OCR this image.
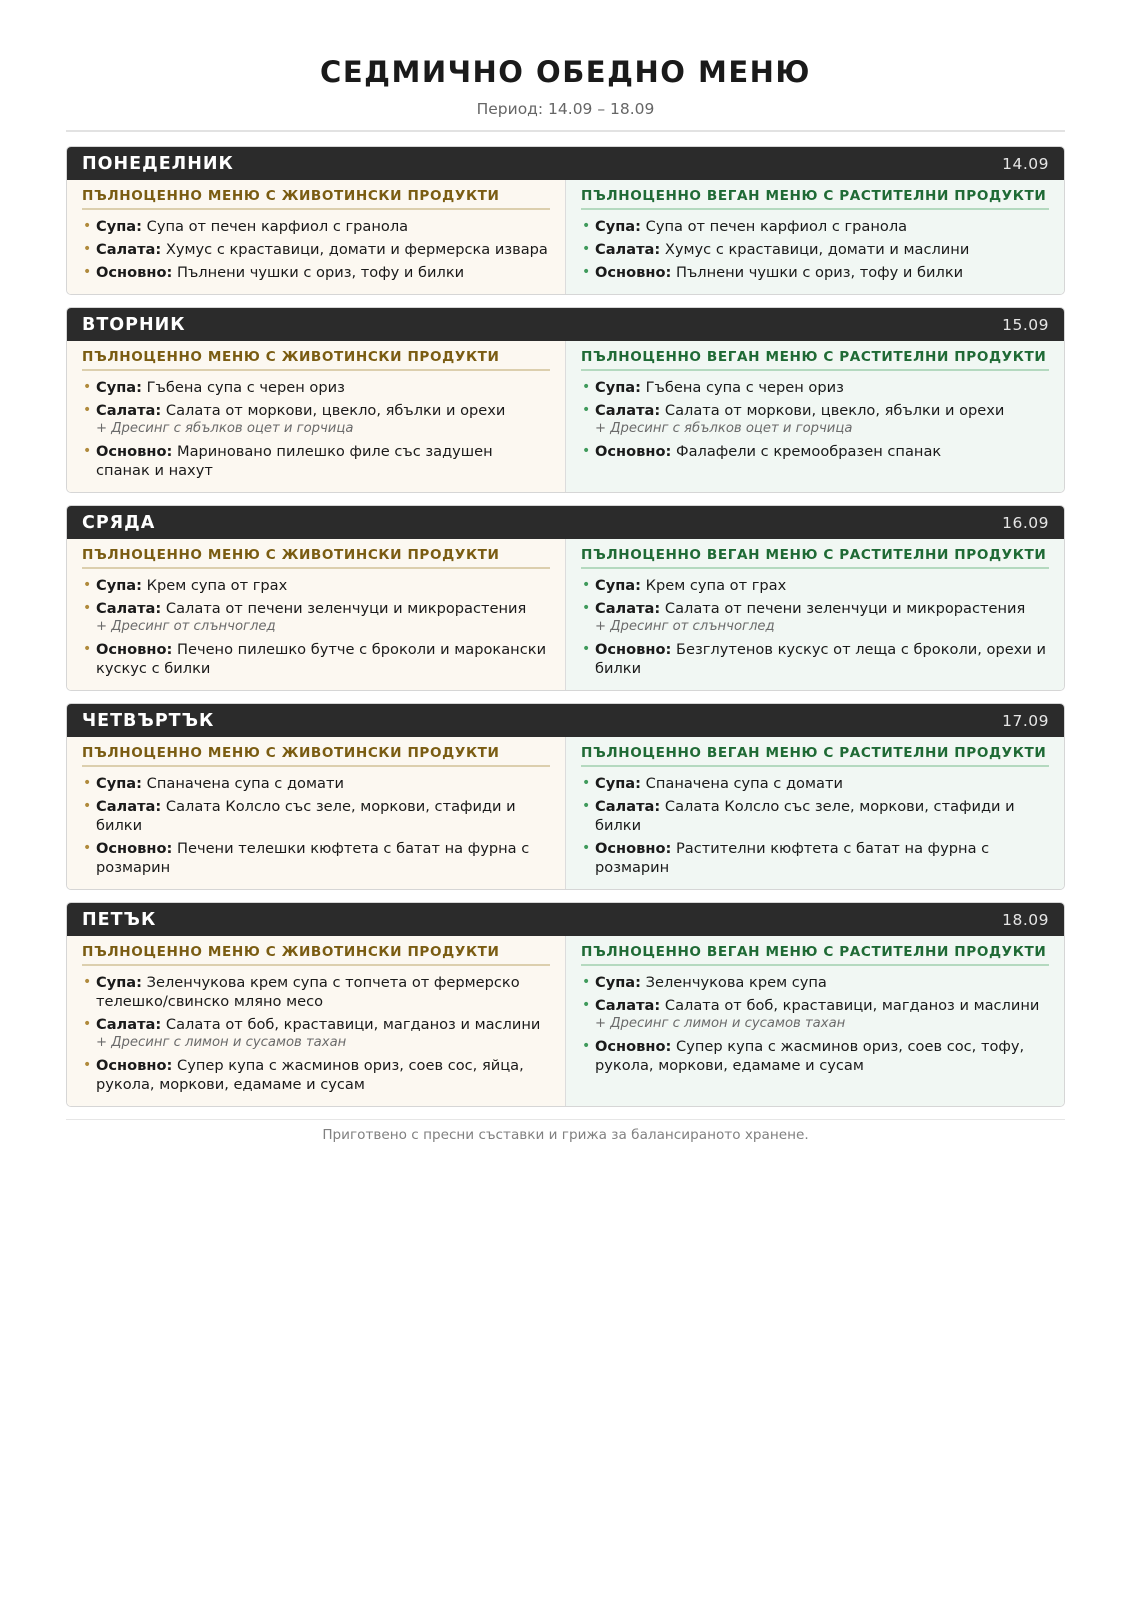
СЕДМИЧНО ОБЕДНО МЕНЮ
Период: 14.09 – 18.09
ПОНЕДЕЛНИК	14.09
ПЪЛНОЦЕННО МЕНЮ С ЖИВОТИНСКИ ПРОДУКТИ
• Супа: Супа от печен карфиол с гранола
• Салата: Хумус с краставици, домати и фермерска извара
• Основно: Пълнени чушки с ориз, тофу и билки
ПЪЛНОЦЕННО ВЕГАН МЕНЮ С РАСТИТЕЛНИ ПРОДУКТИ
• Супа: Супа от печен карфиол с гранола
• Салата: Хумус с краставици, домати и маслини
• Основно: Пълнени чушки с ориз, тофу и билки
ВТОРНИК	15.09
ПЪЛНОЦЕННО МЕНЮ С ЖИВОТИНСКИ ПРОДУКТИ
• Супа: Гъбена супа с черен ориз
• Салата: Салата от моркови, цвекло, ябълки и орехи
+ Дресинг с ябълков оцет и горчица
• Основно: Мариновано пилешко филе със задушен спанак и нахут
ПЪЛНОЦЕННО ВЕГАН МЕНЮ С РАСТИТЕЛНИ ПРОДУКТИ
• Супа: Гъбена супа с черен ориз
• Салата: Салата от моркови, цвекло, ябълки и орехи
+ Дресинг с ябълков оцет и горчица
• Основно: Фалафели с кремообразен спанак
СРЯДА	16.09
ПЪЛНОЦЕННО МЕНЮ С ЖИВОТИНСКИ ПРОДУКТИ
• Супа: Крем супа от грах
• Салата: Салата от печени зеленчуци и микрорастения
+ Дресинг от слънчоглед
• Основно: Печено пилешко бутче с броколи и марокански кускус с билки
ПЪЛНОЦЕННО ВЕГАН МЕНЮ С РАСТИТЕЛНИ ПРОДУКТИ
• Супа: Крем супа от грах
• Салата: Салата от печени зеленчуци и микрорастения
+ Дресинг от слънчоглед
• Основно: Безглутенов кускус от леща с броколи, орехи и билки
ЧЕТВЪРТЪК	17.09
ПЪЛНОЦЕННО МЕНЮ С ЖИВОТИНСКИ ПРОДУКТИ
• Супа: Спаначена супа с домати
• Салата: Салата Колсло със зеле, моркови, стафиди и билки
• Основно: Печени телешки кюфтета с батат на фурна с розмарин
ПЪЛНОЦЕННО ВЕГАН МЕНЮ С РАСТИТЕЛНИ ПРОДУКТИ
• Супа: Спаначена супа с домати
• Салата: Салата Колсло със зеле, моркови, стафиди и билки
• Основно: Растителни кюфтета с батат на фурна с розмарин
ПЕТЪК	18.09
ПЪЛНОЦЕННО МЕНЮ С ЖИВОТИНСКИ ПРОДУКТИ
• Супа: Зеленчукова крем супа с топчета от фермерско телешко/свинско мляно месо
• Салата: Салата от боб, краставици, магданоз и маслини
+ Дресинг с лимон и сусамов тахан
• Основно: Супер купа с жасминов ориз, соев сос, яйца, рукола, моркови, едамаме и сусам
ПЪЛНОЦЕННО ВЕГАН МЕНЮ С РАСТИТЕЛНИ ПРОДУКТИ
• Супа: Зеленчукова крем супа
• Салата: Салата от боб, краставици, магданоз и маслини
+ Дресинг с лимон и сусамов тахан
• Основно: Супер купа с жасминов ориз, соев сос, тофу, рукола, моркови, едамаме и сусам
Приготвено с пресни съставки и грижа за балансираното хранене.
